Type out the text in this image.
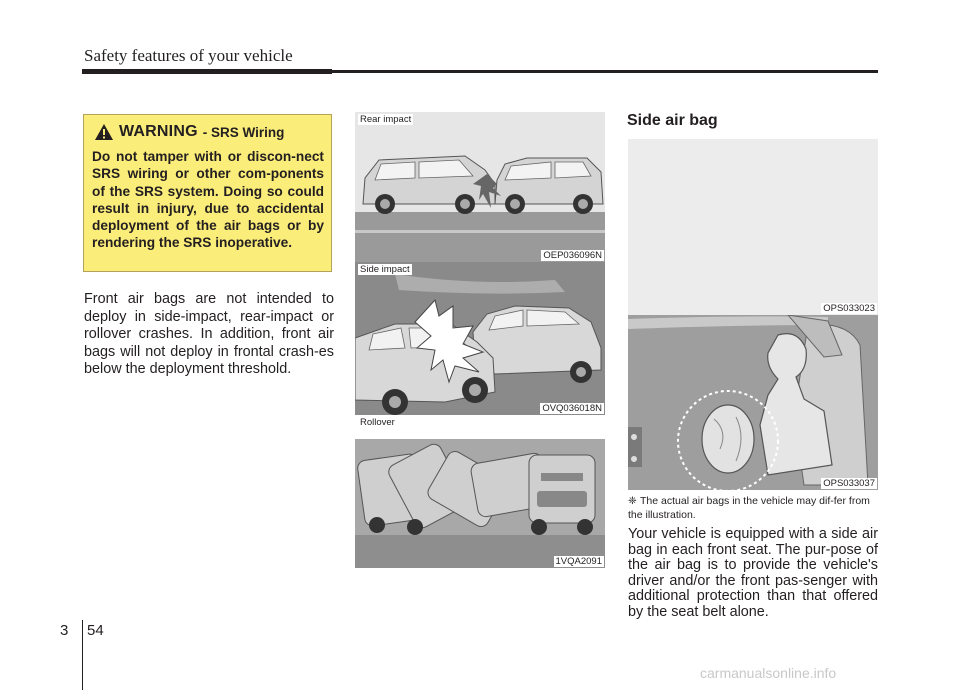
Safety features of your vehicle
WARNING - SRS Wiring
Do not tamper with or discon-nect SRS wiring or other com-ponents of the SRS system. Doing so could result in injury, due to accidental deployment of the air bags or by rendering the SRS inoperative.
Front air bags are not intended to deploy in side-impact, rear-impact or rollover crashes. In addition, front air bags will not deploy in frontal crash-es below the deployment threshold.
Rear impact
OEP036096N
Side impact
OVQ036018N
Rollover
1VQA2091
Side air bag
OPS033023
OPS033037
❈ The actual air bags in the vehicle may dif-fer from the illustration.
Your vehicle is equipped with a side air bag in each front seat. The pur-pose of the air bag is to provide the vehicle's driver and/or the front pas-senger with additional protection than that offered by the seat belt alone.
3 54
carmanualsonline.info
